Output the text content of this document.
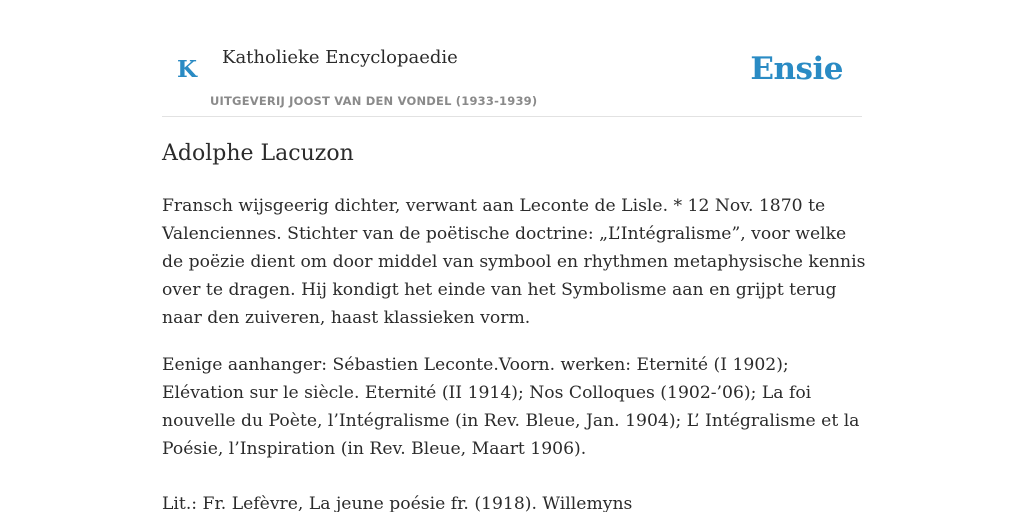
K Katholieke Encyclopaedie
UITGEVERIJ JOOST VAN DEN VONDEL (1933-1939)
Ensie
Adolphe Lacuzon

Fransch wijsgeerig dichter, verwant aan Leconte de Lisle. * 12 Nov. 1870 te Valenciennes. Stichter van de poëtische doctrine: „L’Intégralisme”, voor welke de poëzie dient om door middel van symbool en rhythmen metaphysische kennis over te dragen. Hij kondigt het einde van het Symbolisme aan en grijpt terug naar den zuiveren, haast klassieken vorm.

Eenige aanhanger: Sébastien Leconte.Voorn. werken: Eternité (I 1902); Elévation sur le siècle. Eternité (II 1914); Nos Colloques (1902-’06); La foi nouvelle du Poète, l’Intégralisme (in Rev. Bleue, Jan. 1904); L’ Intégralisme et la Poésie, l’Inspiration (in Rev. Bleue, Maart 1906).

Lit.: Fr. Lefèvre, La jeune poésie fr. (1918). Willemyns
